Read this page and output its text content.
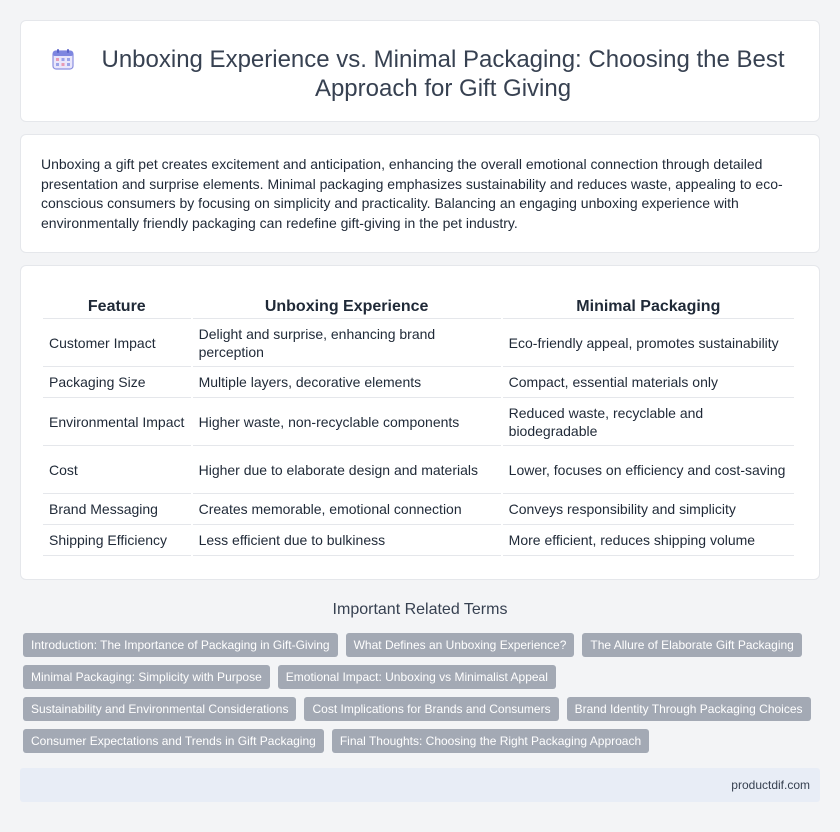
Unboxing Experience vs. Minimal Packaging: Choosing the Best Approach for Gift Giving

Unboxing a gift pet creates excitement and anticipation, enhancing the overall emotional connection through detailed presentation and surprise elements. Minimal packaging emphasizes sustainability and reduces waste, appealing to eco-conscious consumers by focusing on simplicity and practicality. Balancing an engaging unboxing experience with environmentally friendly packaging can redefine gift-giving in the pet industry.

Feature	Unboxing Experience	Minimal Packaging
Customer Impact	Delight and surprise, enhancing brand perception	Eco-friendly appeal, promotes sustainability
Packaging Size	Multiple layers, decorative elements	Compact, essential materials only
Environmental Impact	Higher waste, non-recyclable components	Reduced waste, recyclable and biodegradable
Cost	Higher due to elaborate design and materials	Lower, focuses on efficiency and cost-saving
Brand Messaging	Creates memorable, emotional connection	Conveys responsibility and simplicity
Shipping Efficiency	Less efficient due to bulkiness	More efficient, reduces shipping volume
Important Related Terms
Introduction: The Importance of Packaging in Gift-Giving	What Defines an Unboxing Experience?	The Allure of Elaborate Gift Packaging
Minimal Packaging: Simplicity with Purpose	Emotional Impact: Unboxing vs Minimalist Appeal
Sustainability and Environmental Considerations	Cost Implications for Brands and Consumers	Brand Identity Through Packaging Choices
Consumer Expectations and Trends in Gift Packaging	Final Thoughts: Choosing the Right Packaging Approach
productdif.com
